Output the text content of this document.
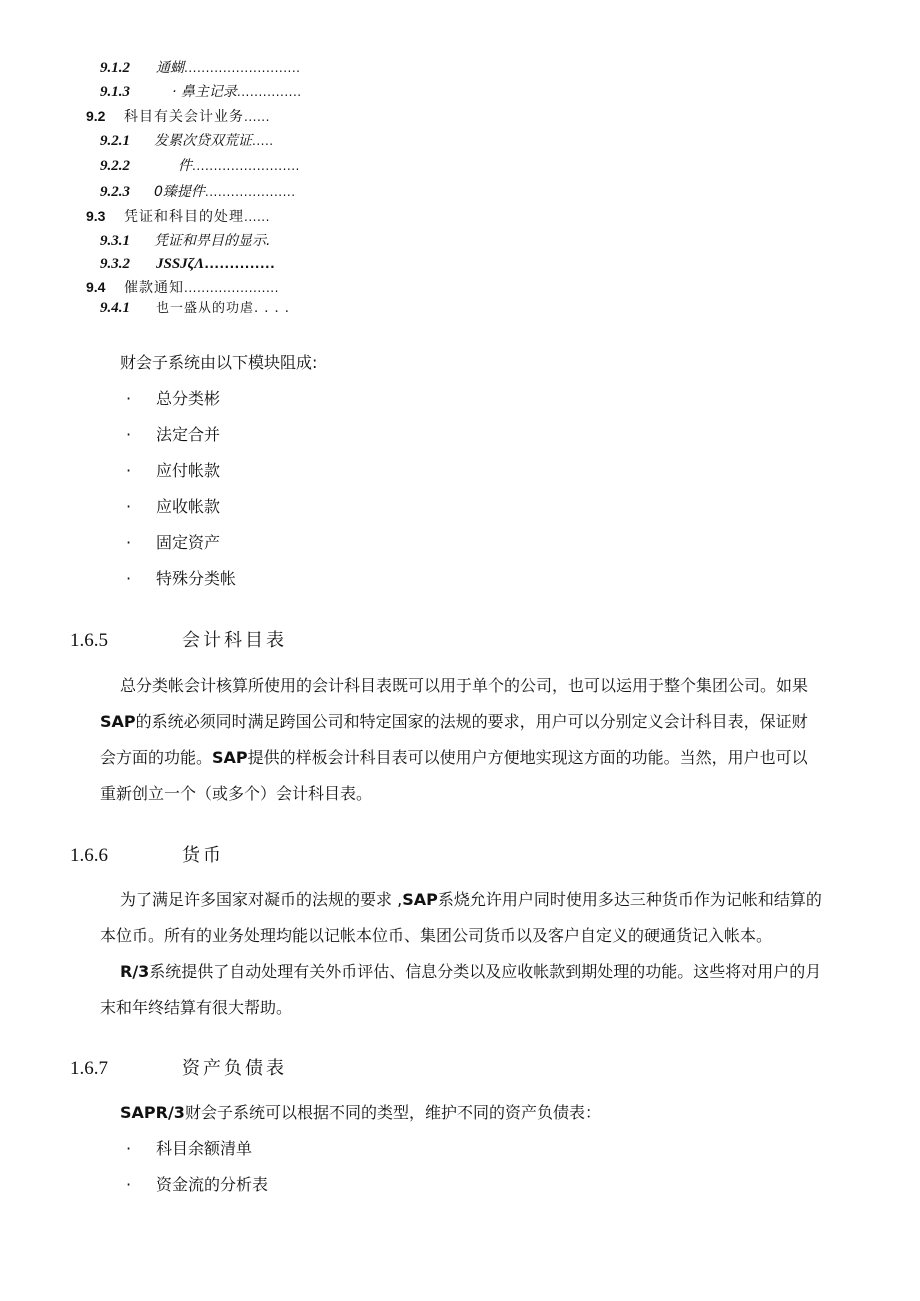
9.1.2 通蝴...........................
9.1.3	· 鼻主记录...............
9.2 科目有关会计业务......
9.2.1 发累次贷双荒证.....
9.2.2	件.........................
9.2.3 0臻提件.....................
9.3 凭证和科目的处理......
9.3.1 凭证和畀目的显示.
9.3.2 JSSJζΛ..............
9.4 催款通知......................
9.4.1 也一盛从的功虐. . . .
财会子系统由以下模块阻成:
· 总分类彬
· 法定合并
· 应付帐款
· 应收帐款
· 固定资产
· 特殊分类帐
1.6.5	会计科目表
总分类帐会计核算所使用的会计科目表既可以用于单个的公司，也可以运用于整个集团公司。如果
SAP的系统必须同时满足跨国公司和特定国家的法规的要求，用户可以分别定义会计科目表，保证财
会方面的功能。SAP提供的样板会计科目表可以使用户方便地实现这方面的功能。当然，用户也可以
重新创立一个（或多个）会计科目表。
1.6.6	货币
为了满足许多国家对凝币的法规的要求 ,SAP系烧允许用户同时使用多达三种货币作为记帐和结算的
本位币。所有的业务处理均能以记帐本位币、集团公司货币以及客户自定义的硬通货记入帐本。
R/3系统提供了自动处理有关外币评估、信息分类以及应收帐款到期处理的功能。这些将对用户的月
末和年终结算有很大帮助。
1.6.7	资产负债表
SAPR/3财会子系统可以根据不同的类型，维护不同的资产负债表：
· 科目余额清单
· 资金流的分析表
